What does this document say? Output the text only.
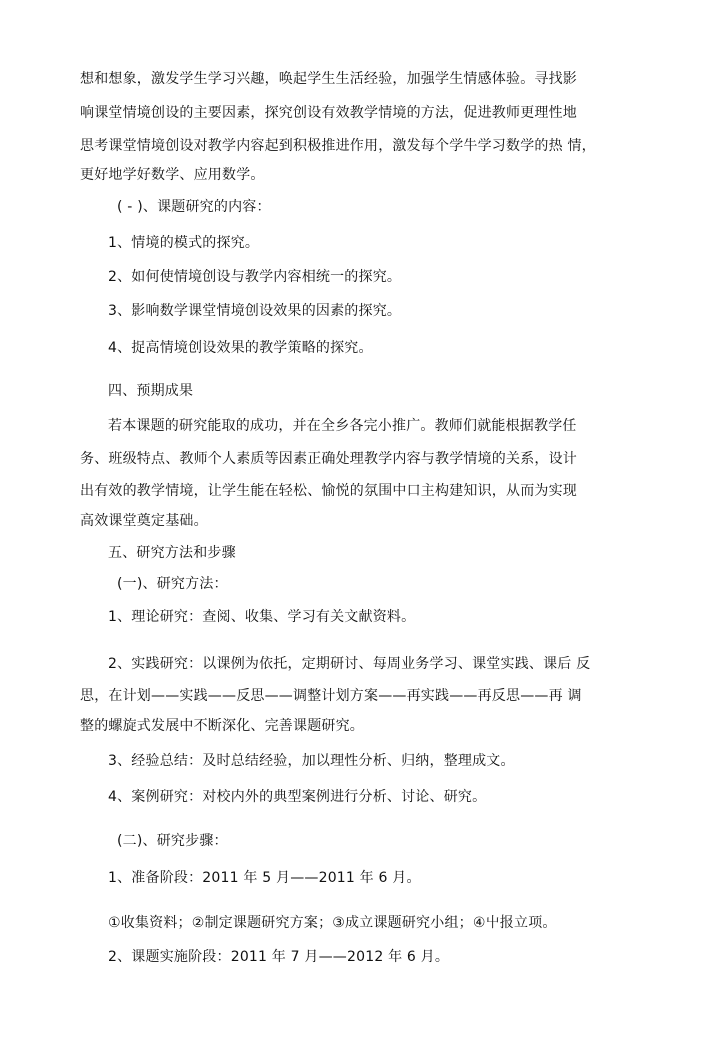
想和想象，激发学生学习兴趣，唤起学生生活经验，加强学生情感体验。寻找影
响课堂情境创设的主要因素，探究创设有效教学情境的方法，促进教师更理性地
思考课堂情境创设对教学内容起到积极推进作用，激发每个学牛学习数学的热 情，
更好地学好数学、应用数学。
( - )、课题研究的内容：
1、情境的模式的探究。
2、如何使情境创设与教学内容相统一的探究。
3、影响数学课堂情境创设效果的因素的探究。
4、捉高情境创设效果的教学策略的探究。
四、预期成果
若本课题的研究能取的成功，并在全乡各完小推广。教师们就能根据教学任
务、班级特点、教师个人素质等因素正确处理教学内容与教学情境的关系，设计
出有效的教学情境，让学生能在轻松、愉悦的氛围中口主构建知识，从而为实现
高效课堂奠定基础。
五、研究方法和步骤
(一)、研究方法：
1、理论研究：查阅、收集、学习有关文献资料。
2、实践研究：以课例为依托，定期研讨、每周业务学习、课堂实践、课后 反
思，在计划——实践——反思——调整计划方案——再实践——再反思——再 调
整的螺旋式发展中不断深化、完善课题研究。
3、经验总结：及时总结经验，加以理性分析、归纳，整理成文。
4、案例研究：对校内外的典型案例进行分析、讨论、研究。
(二)、研究步骤：
1、准备阶段：2011 年 5 月——2011 年 6 月。
①收集资料；②制定课题研究方案；③成立课题研究小组；④屮报立项。
2、课题实施阶段：2011 年 7 月——2012 年 6 月。
